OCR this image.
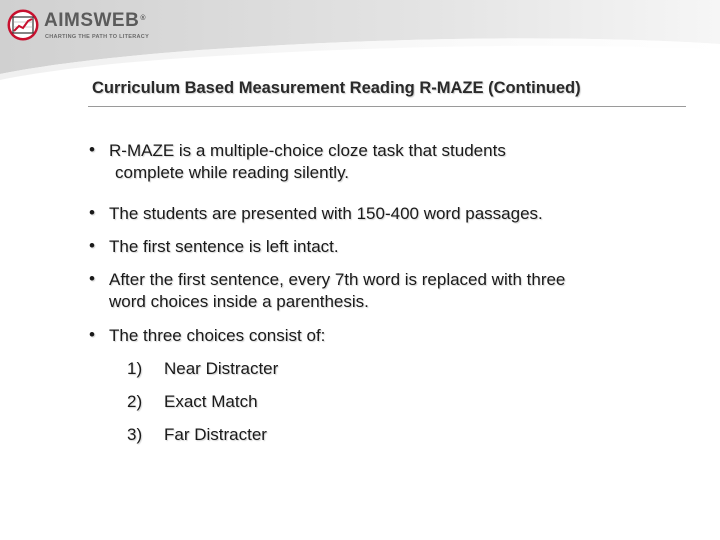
AIMSWEB®
CHARTING THE PATH TO LITERACY
Curriculum Based Measurement Reading R-MAZE (Continued)
• R-MAZE is a multiple-choice cloze task that students
complete while reading silently.
• The students are presented with 150-400 word passages.
• The first sentence is left intact.
• After the first sentence, every 7th word is replaced with three
word choices inside a parenthesis.
• The three choices consist of:
1) Near Distracter
2) Exact Match
3) Far Distracter
